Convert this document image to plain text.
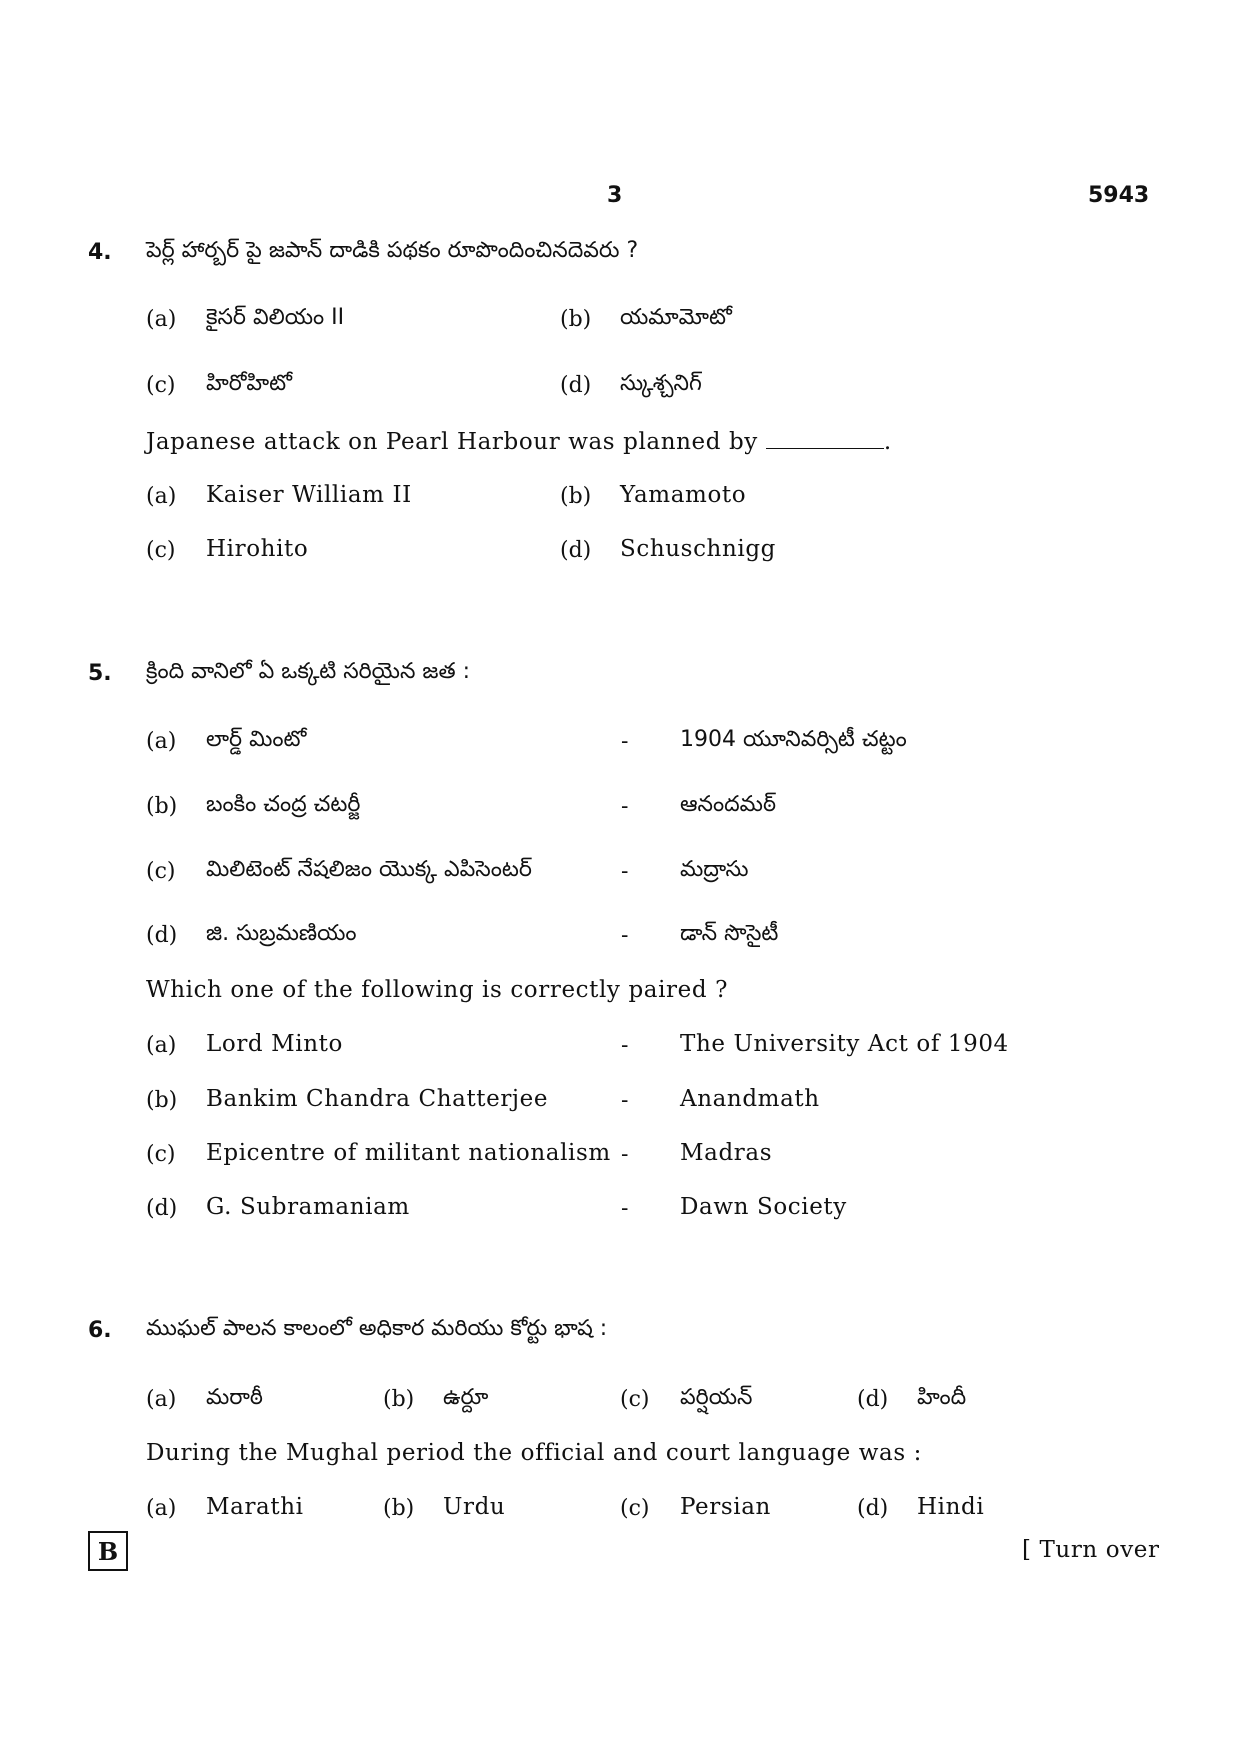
3	5943
4. పెర్ల్ హార్బర్ పై జపాన్ దాడికి పథకం రూపొందించినదెవరు ?
(a) కైసర్ విలియం II	(b) యమామోటో
(c) హిరోహిటో	(d) స్కుశ్చనిగ్
Japanese attack on Pearl Harbour was planned by	.
(a) Kaiser William II	(b) Yamamoto
(c) Hirohito	(d) Schuschnigg
5. క్రింది వానిలో ఏ ఒక్కటి సరియైన జత :
(a) లార్డ్ మింటో	- 1904 యూనివర్సిటీ చట్టం
(b) బంకిం చంద్ర చటర్జీ	- ఆనందమఠ్
(c) మిలిటెంట్ నేషలిజం యొక్క ఎపిసెంటర్	- మద్రాసు
(d) జి. సుబ్రమణియం	- డాన్ సొసైటీ
Which one of the following is correctly paired ?
(a) Lord Minto	- The University Act of 1904
(b) Bankim Chandra Chatterjee	- Anandmath
(c) Epicentre of militant nationalism - Madras
(d) G. Subramaniam	- Dawn Society
6. ముఘల్ పాలన కాలంలో అధికార మరియు కోర్టు భాష :
(a) మరాఠీ	(b) ఉర్దూ	(c) పర్షియన్	(d) హిందీ
During the Mughal period the official and court language was :
(a) Marathi	(b) Urdu	(c) Persian	(d) Hindi
B	[ Turn over
